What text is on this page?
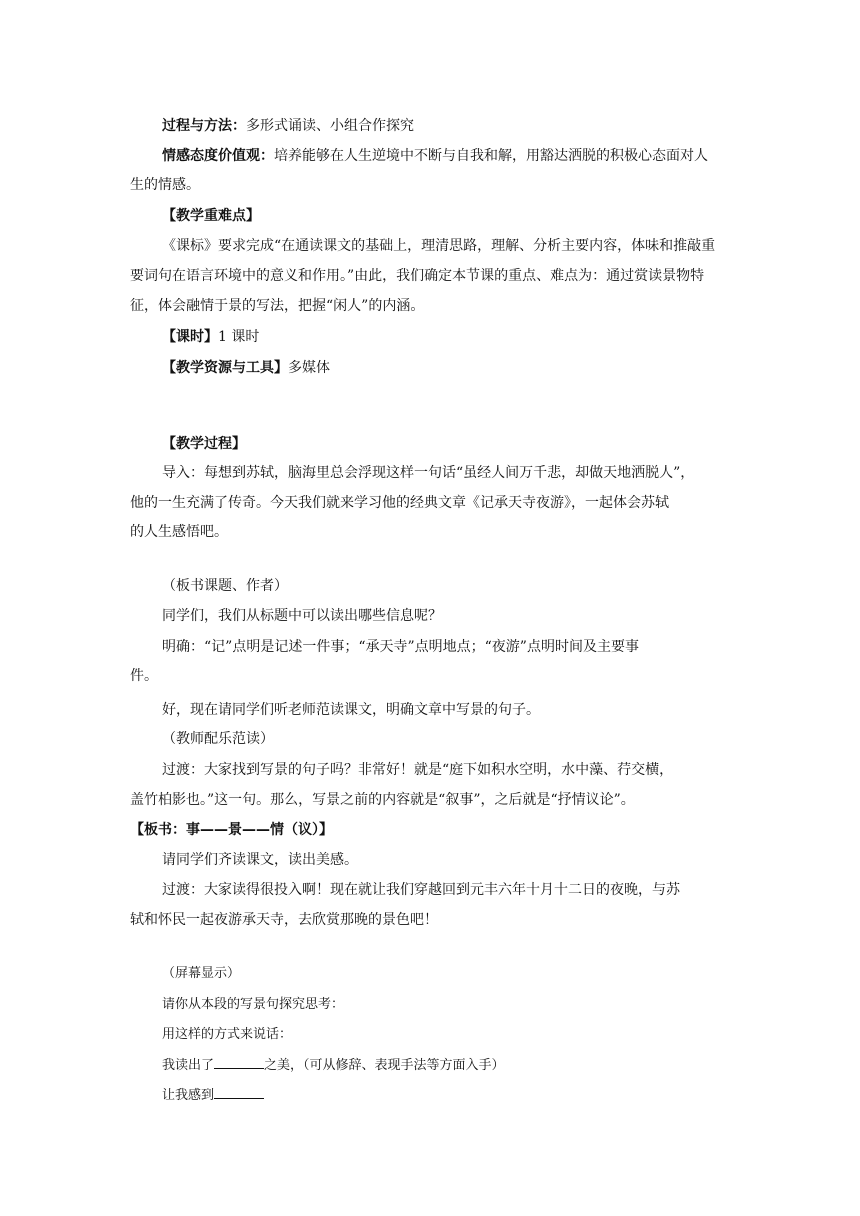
过程与方法：多形式诵读、小组合作探究
情感态度价值观：培养能够在人生逆境中不断与自我和解，用豁达洒脱的积极心态面对人
生的情感。
【教学重难点】
《课标》要求完成“在通读课文的基础上，理清思路，理解、分析主要内容，体味和推敲重
要词句在语言环境中的意义和作用。”由此，我们确定本节课的重点、难点为：通过赏读景物特
征，体会融情于景的写法，把握“闲人”的内涵。
【课时】1 课时
【教学资源与工具】多媒体
【教学过程】
导入：每想到苏轼，脑海里总会浮现这样一句话“虽经人间万千悲，却做天地洒脱人”，
他的一生充满了传奇。今天我们就来学习他的经典文章《记承天寺夜游》，一起体会苏轼
的人生感悟吧。
（板书课题、作者）
同学们，我们从标题中可以读出哪些信息呢？
明确：“记”点明是记述一件事；“承天寺”点明地点；“夜游”点明时间及主要事
件。
好，现在请同学们听老师范读课文，明确文章中写景的句子。
（教师配乐范读）
过渡：大家找到写景的句子吗？非常好！就是“庭下如积水空明，水中藻、荇交横，
盖竹柏影也。”这一句。那么，写景之前的内容就是“叙事”，之后就是“抒情议论”。
【板书：事——景——情（议）】
请同学们齐读课文，读出美感。
过渡：大家读得很投入啊！现在就让我们穿越回到元丰六年十月十二日的夜晚，与苏
轼和怀民一起夜游承天寺，去欣赏那晚的景色吧！
（屏幕显示）
请你从本段的写景句探究思考：
用这样的方式来说话：
我读出了	之美，（可从修辞、表现手法等方面入手）
让我感到
